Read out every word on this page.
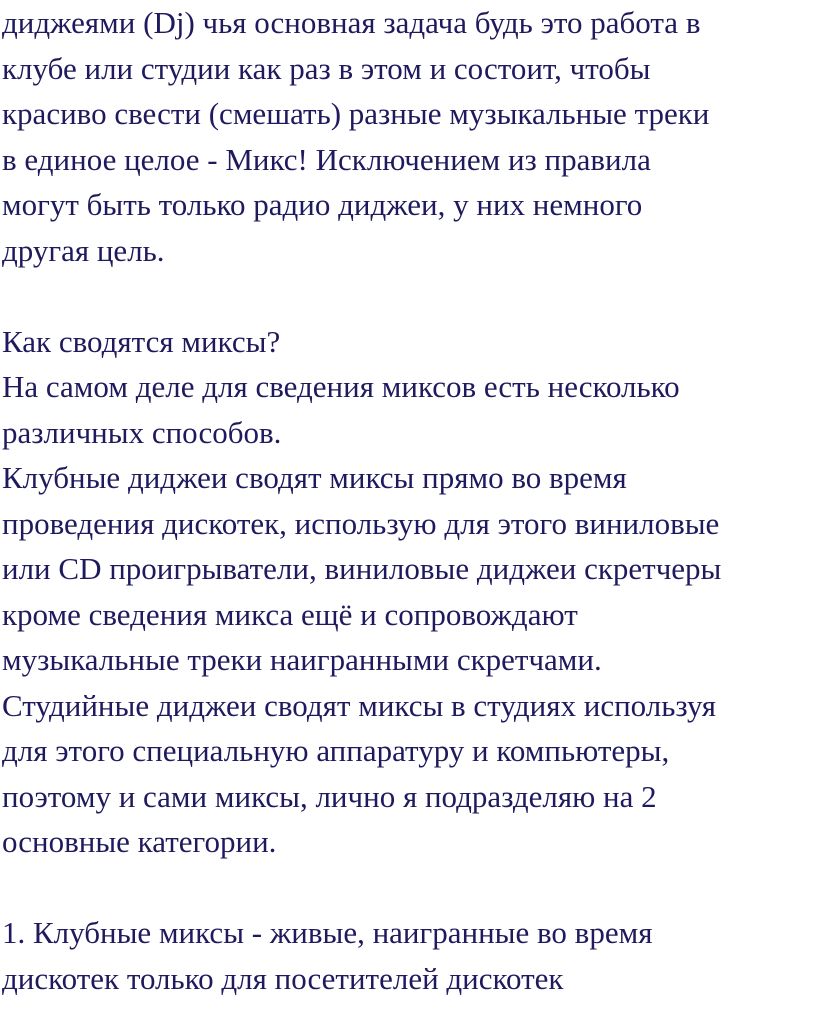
диджеями (Dj) чья основная задача будь это работа в
клубе или студии как раз в этом и состоит, чтобы
красиво свести (смешать) разные музыкальные треки
в единое целое - Микс! Исключением из правила
могут быть только радио диджеи, у них немного
другая цель.
Как сводятся миксы?
На самом деле для сведения миксов есть несколько
различных способов.
Клубные диджеи сводят миксы прямо во время
проведения дискотек, использую для этого виниловые
или CD проигрыватели, виниловые диджеи скретчеры
кроме сведения микса ещё и сопровождают
музыкальные треки наигранными скретчами.
Студийные диджеи сводят миксы в студиях используя
для этого специальную аппаратуру и компьютеры,
поэтому и сами миксы, лично я подразделяю на 2
основные категории.
1. Клубные миксы - живые, наигранные во время
дискотек только для посетителей дискотек
